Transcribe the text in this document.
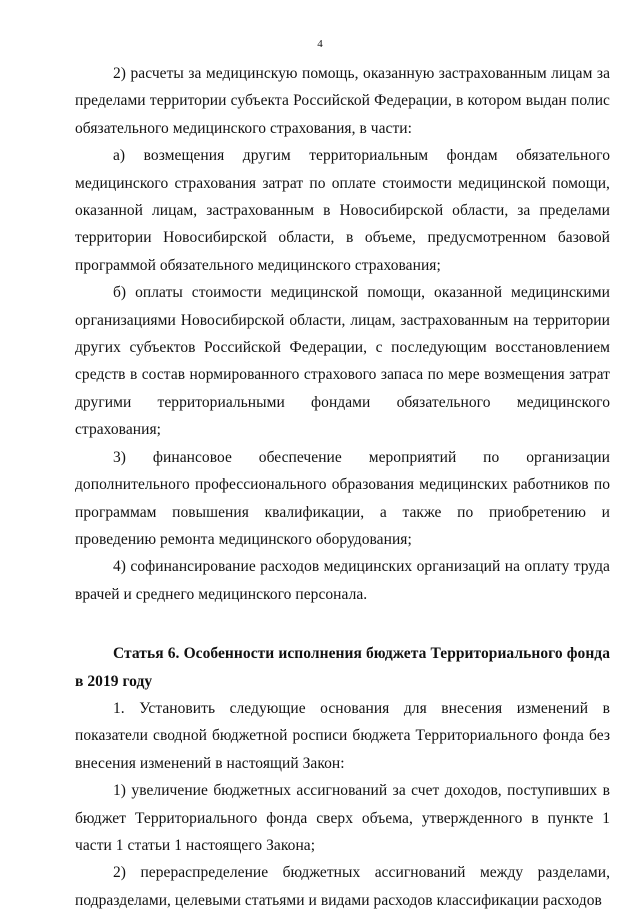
4

2) расчеты за медицинскую помощь, оказанную застрахованным лицам за пределами территории субъекта Российской Федерации, в котором выдан полис обязательного медицинского страхования, в части:

а) возмещения другим территориальным фондам обязательного медицинского страхования затрат по оплате стоимости медицинской помощи, оказанной лицам, застрахованным в Новосибирской области, за пределами территории Новосибирской области, в объеме, предусмотренном базовой программой обязательного медицинского страхования;

б) оплаты стоимости медицинской помощи, оказанной медицинскими организациями Новосибирской области, лицам, застрахованным на территории других субъектов Российской Федерации, с последующим восстановлением средств в состав нормированного страхового запаса по мере возмещения затрат другими территориальными фондами обязательного медицинского страхования;

3) финансовое обеспечение мероприятий по организации дополнительного профессионального образования медицинских работников по программам повышения квалификации, а также по приобретению и проведению ремонта медицинского оборудования;

4) софинансирование расходов медицинских организаций на оплату труда врачей и среднего медицинского персонала.

Статья 6. Особенности исполнения бюджета Территориального фонда в 2019 году

1. Установить следующие основания для внесения изменений в показатели сводной бюджетной росписи бюджета Территориального фонда без внесения изменений в настоящий Закон:

1) увеличение бюджетных ассигнований за счет доходов, поступивших в бюджет Территориального фонда сверх объема, утвержденного в пункте 1 части 1 статьи 1 настоящего Закона;

2) перераспределение бюджетных ассигнований между разделами, подразделами, целевыми статьями и видами расходов классификации расходов
